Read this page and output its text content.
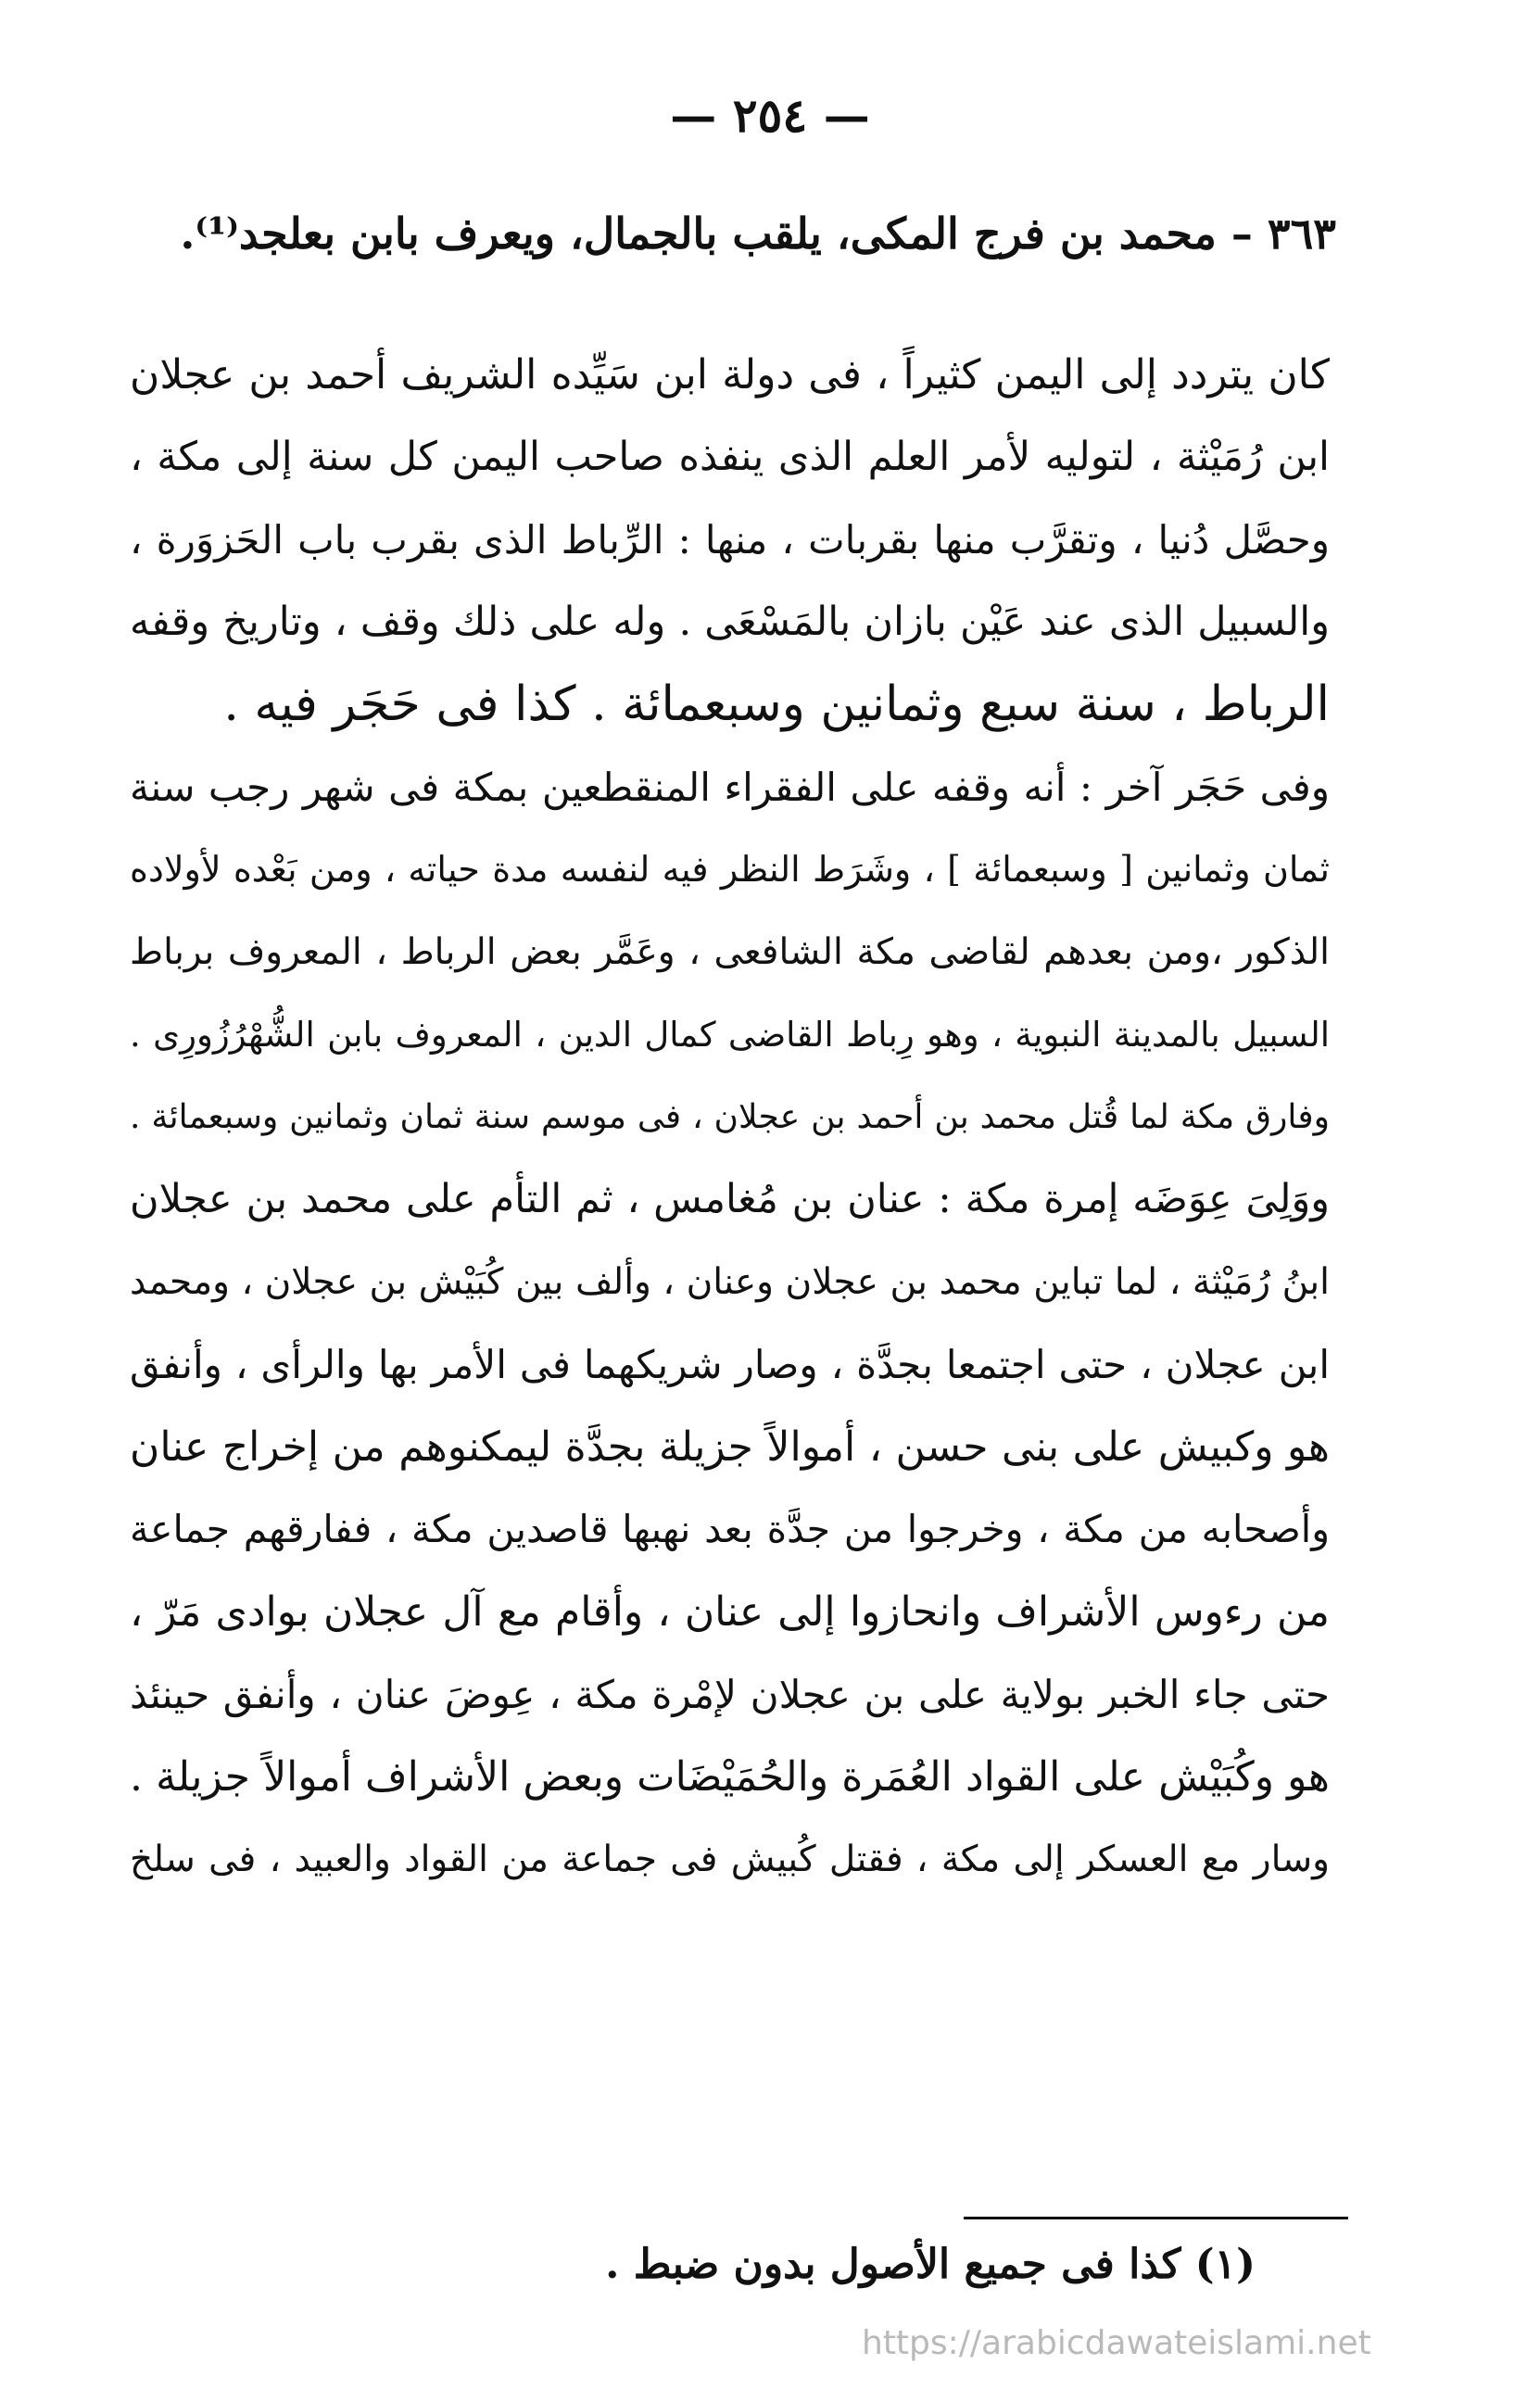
— ٢٥٤ —
٣٦٣ – محمد بن فرج المكى، يلقب بالجمال، ويعرف بابن بعلجد⁽¹⁾.
كان يتردد إلى اليمن كثيراً ، فى دولة ابن سَيِّده الشريف أحمد بن عجلان
ابن رُمَيْثة ، لتوليه لأمر العلم الذى ينفذه صاحب اليمن كل سنة إلى مكة ،
وحصَّل دُنيا ، وتقرَّب منها بقربات ، منها : الرِّباط الذى بقرب باب الحَزوَرة ،
والسبيل الذى عند عَيْن بازان بالمَسْعَى . وله على ذلك وقف ، وتاريخ وقفه
الرباط ، سنة سبع وثمانين وسبعمائة . كذا فى حَجَر فيه .
وفى حَجَر آخر : أنه وقفه على الفقراء المنقطعين بمكة فى شهر رجب سنة
ثمان وثمانين [ وسبعمائة ] ، وشَرَط النظر فيه لنفسه مدة حياته ، ومن بَعْده لأولاده
الذكور ،ومن بعدهم لقاضى مكة الشافعى ، وعَمَّر بعض الرباط ، المعروف برباط
السبيل بالمدينة النبوية ، وهو رِباط القاضى كمال الدين ، المعروف بابن الشُّهْرُزُورِى .
وفارق مكة لما قُتل محمد بن أحمد بن عجلان ، فى موسم سنة ثمان وثمانين وسبعمائة .
ووَلِىَ عِوَضَه إمرة مكة : عنان بن مُغامس ، ثم التأم على محمد بن عجلان
ابنُ رُمَيْثة ، لما تباين محمد بن عجلان وعنان ، وألف بين كُبَيْش بن عجلان ، ومحمد
ابن عجلان ، حتى اجتمعا بجدَّة ، وصار شريكهما فى الأمر بها والرأى ، وأنفق
هو وكبيش على بنى حسن ، أموالاً جزيلة بجدَّة ليمكنوهم من إخراج عنان
وأصحابه من مكة ، وخرجوا من جدَّة بعد نهبها قاصدين مكة ، ففارقهم جماعة
من رءوس الأشراف وانحازوا إلى عنان ، وأقام مع آل عجلان بوادى مَرّ ،
حتى جاء الخبر بولاية على بن عجلان لإمْرة مكة ، عِوضَ عنان ، وأنفق حينئذ
هو وكُبَيْش على القواد العُمَرة والحُمَيْضَات وبعض الأشراف أموالاً جزيلة .
وسار مع العسكر إلى مكة ، فقتل كُبيش فى جماعة من القواد والعبيد ، فى سلخ
(١) كذا فى جميع الأصول بدون ضبط .
https://arabicdawateislami.net
